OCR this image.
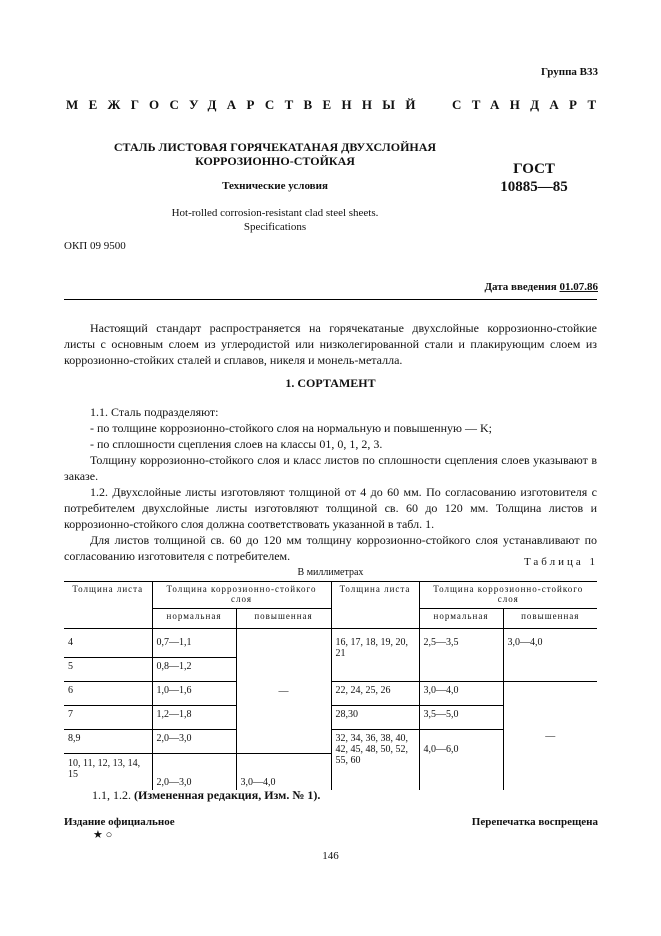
Группа В33
МЕЖГОСУДАРСТВЕННЫЙ СТАНДАРТ
СТАЛЬ ЛИСТОВАЯ ГОРЯЧЕКАТАНАЯ ДВУХСЛОЙНАЯ
КОРРОЗИОННО-СТОЙКАЯ
Технические условия
ГОСТ
10885—85
Hot-rolled corrosion-resistant clad steel sheets.
Specifications
ОКП 09 9500
Дата введения 01.07.86

Настоящий стандарт распространяется на горячекатаные двухслойные коррозионно-стойкие листы с основным слоем из углеродистой или низколегированной стали и плакирующим слоем из коррозионно-стойких сталей и сплавов, никеля и монель-металла.

1. СОРТАМЕНТ

1.1. Сталь подразделяют:

- по толщине коррозионно-стойкого слоя на нормальную и повышенную — K;

- по сплошности сцепления слоев на классы 01, 0, 1, 2, 3.

Толщину коррозионно-стойкого слоя и класс листов по сплошности сцепления слоев указывают в заказе.

1.2. Двухслойные листы изготовляют толщиной от 4 до 60 мм. По согласованию изготовителя с потребителем двухслойные листы изготовляют толщиной св. 60 до 120 мм. Толщина листов и коррозионно-стойкого слоя должна соответствовать указанной в табл. 1.

Для листов толщиной св. 60 до 120 мм толщину коррозионно-стойкого слоя устанавливают по согласованию изготовителя с потребителем.	Таблица 1
В миллиметрах
Толщина листа	Толщина коррозионно-стойкого слоя		Толщина листа	Толщина коррозионно-стойкого слоя	
	нормальная	повышенная		нормальная	повышенная
4	0,7—1,1	—	16, 17, 18, 19, 20, 21	2,5—3,5	3,0—4,0
5	0,8—1,2				
6	1,0—1,6		22, 24, 25, 26	3,0—4,0	—
7	1,2—1,8		28,30	3,5—5,0	
8,9	2,0—3,0		32, 34, 36, 38, 40, 42, 45, 48, 50, 52, 55, 60	4,0—6,0	
10, 11, 12, 13, 14, 15	2,0—3,0	3,0—4,0			
1.1, 1.2. (Измененная редакция, Изм. № 1).
Издание официальное	Перепечатка воспрещена
★ ○
146
